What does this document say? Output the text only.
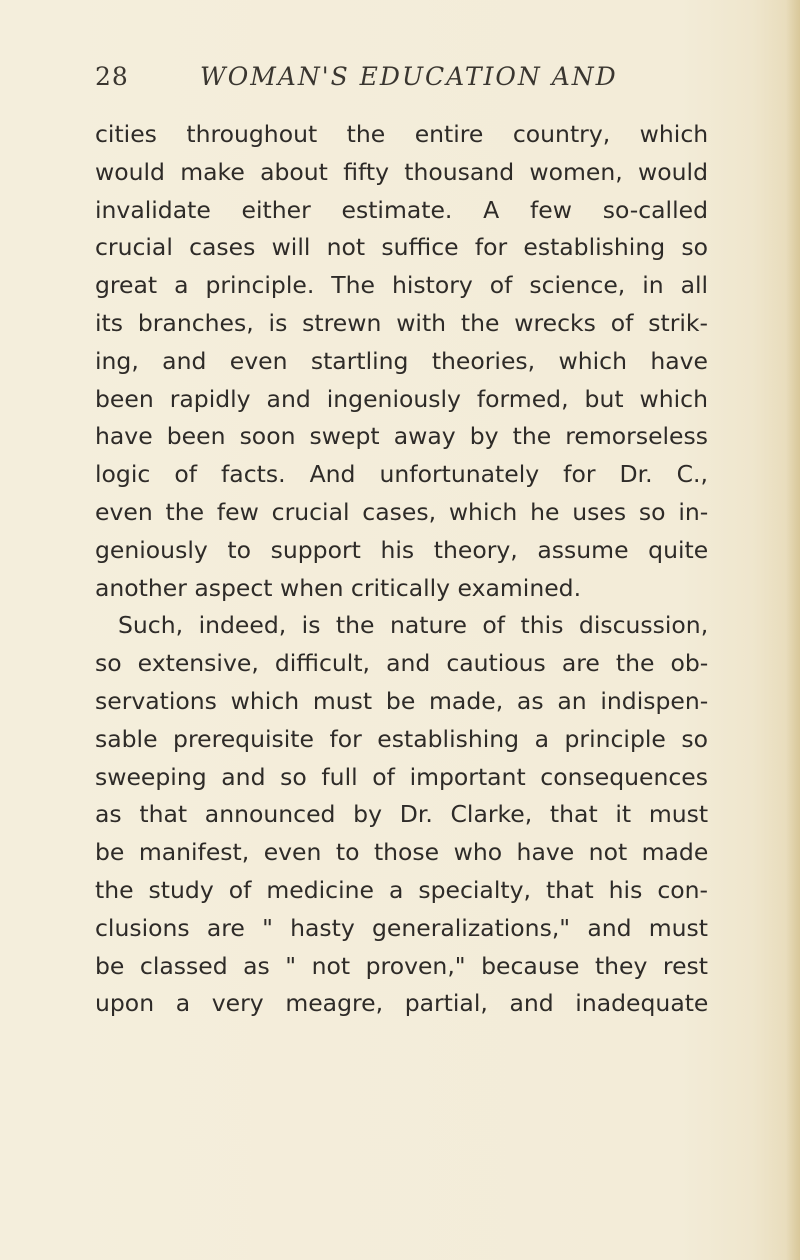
28	WOMAN'S EDUCATION AND
cities throughout the entire country, which
would make about fifty thousand women, would
invalidate either estimate. A few so-called
crucial cases will not suffice for establishing so
great a principle. The history of science, in all
its branches, is strewn with the wrecks of strik-
ing, and even startling theories, which have
been rapidly and ingeniously formed, but which
have been soon swept away by the remorseless
logic of facts. And unfortunately for Dr. C.,
even the few crucial cases, which he uses so in-
geniously to support his theory, assume quite
another aspect when critically examined.
Such, indeed, is the nature of this discussion,
so extensive, difficult, and cautious are the ob-
servations which must be made, as an indispen-
sable prerequisite for establishing a principle so
sweeping and so full of important consequences
as that announced by Dr. Clarke, that it must
be manifest, even to those who have not made
the study of medicine a specialty, that his con-
clusions are " hasty generalizations," and must
be classed as " not proven," because they rest
upon a very meagre, partial, and inadequate
